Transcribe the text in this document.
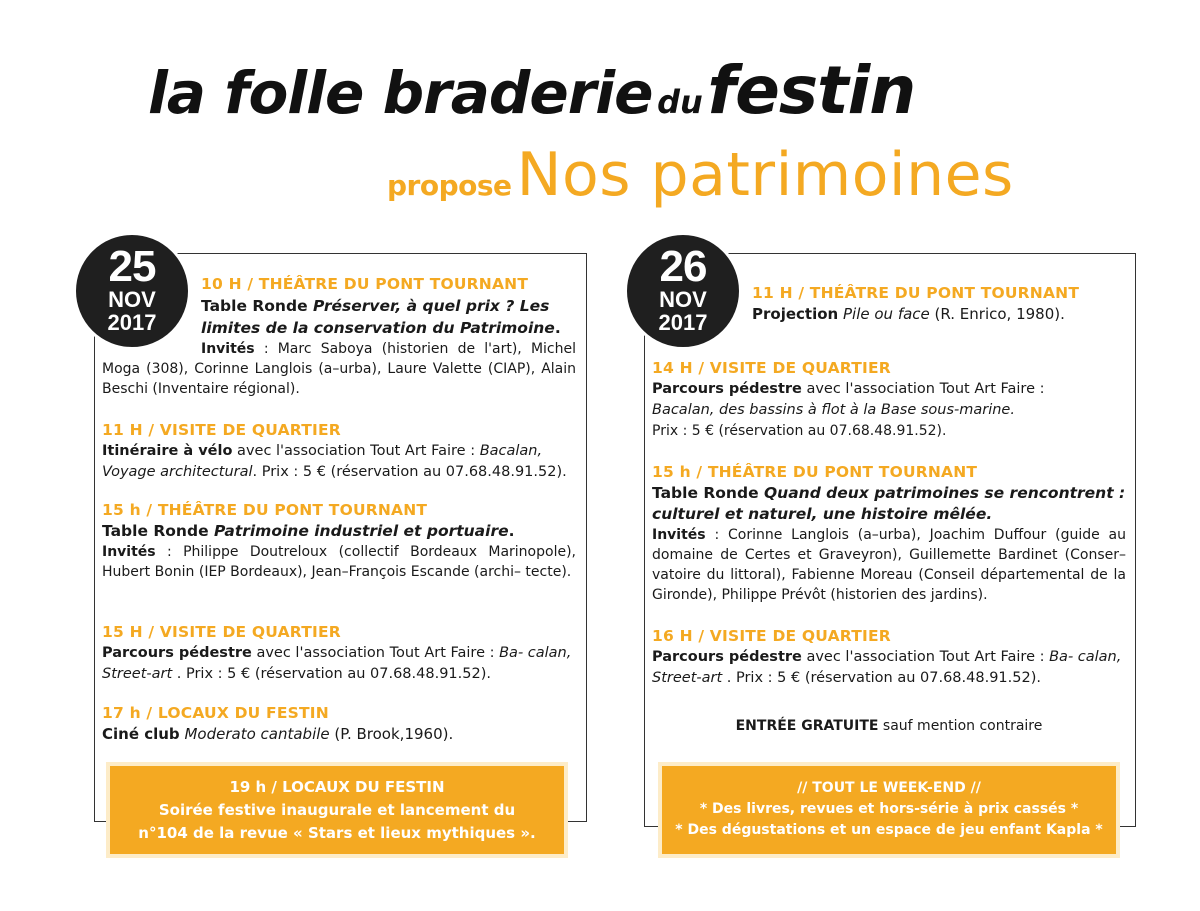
la folle braderie du festin
propose Nos patrimoines
25
NOV
2017
10 H / THÉÂTRE DU PONT TOURNANT
Table Ronde Préserver, à quel prix ? Les limites de la conservation du Patrimoine.
Invités : Marc Saboya (historien de l'art), Michel Moga (308), Corinne Langlois (a–urba), Laure Valette (CIAP), Alain Beschi (Inventaire régional).
11 H / VISITE DE QUARTIER
Itinéraire à vélo avec l'association Tout Art Faire : Bacalan, Voyage architectural. Prix : 5 € (réservation au 07.68.48.91.52).
15 h / THÉÂTRE DU PONT TOURNANT
Table Ronde Patrimoine industriel et portuaire.
Invités : Philippe Doutreloux (collectif Bordeaux Marinopole), Hubert Bonin (IEP Bordeaux), Jean–François Escande (archi– tecte).
15 H / VISITE DE QUARTIER
Parcours pédestre avec l'association Tout Art Faire : Ba- calan, Street-art . Prix : 5 € (réservation au 07.68.48.91.52).
17 h / LOCAUX DU FESTIN
Ciné club Moderato cantabile (P. Brook,1960).
19 h / LOCAUX DU FESTIN
Soirée festive inaugurale et lancement du
n°104 de la revue « Stars et lieux mythiques ».
26
NOV
2017
11 H / THÉÂTRE DU PONT TOURNANT
Projection Pile ou face (R. Enrico, 1980).
14 H / VISITE DE QUARTIER
Parcours pédestre avec l'association Tout Art Faire :
Bacalan, des bassins à flot à la Base sous-marine.
Prix : 5 € (réservation au 07.68.48.91.52).
15 h / THÉÂTRE DU PONT TOURNANT
Table Ronde Quand deux patrimoines se rencontrent :
culturel et naturel, une histoire mêlée.
Invités : Corinne Langlois (a–urba), Joachim Duffour (guide au domaine de Certes et Graveyron), Guillemette Bardinet (Conser– vatoire du littoral), Fabienne Moreau (Conseil départemental de la Gironde), Philippe Prévôt (historien des jardins).
16 H / VISITE DE QUARTIER
Parcours pédestre avec l'association Tout Art Faire : Ba- calan, Street-art . Prix : 5 € (réservation au 07.68.48.91.52).
ENTRÉE GRATUITE sauf mention contraire
// TOUT LE WEEK-END //
* Des livres, revues et hors-série à prix cassés *
* Des dégustations et un espace de jeu enfant Kapla *
